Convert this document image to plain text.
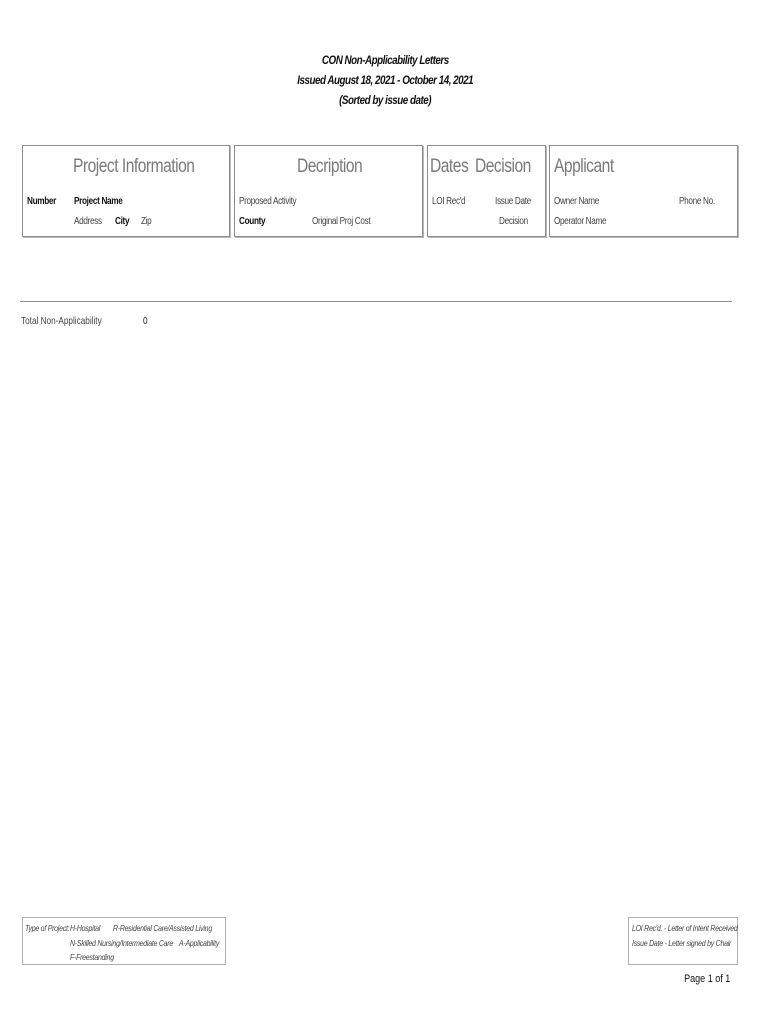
CON Non-Applicability Letters
Issued August 18, 2021 - October 14, 2021
(Sorted by issue date)
Project Information
Number Project Name
Address City Zip
Decription
Proposed Activity
County	Original Proj Cost
Dates Decision
LOI Rec'd	Issue Date
Decision
Applicant
Owner Name	Phone No.
Operator Name
Total Non-Applicability	0
Type of Project: H-Hospital R-Residential Care/Assisted Living
N-Skilled Nursing/Intermediate Care A-Applicability
F-Freestanding
LOI Rec'd. - Letter of Intent Received
Issue Date - Letter signed by Chair
Page 1 of 1
